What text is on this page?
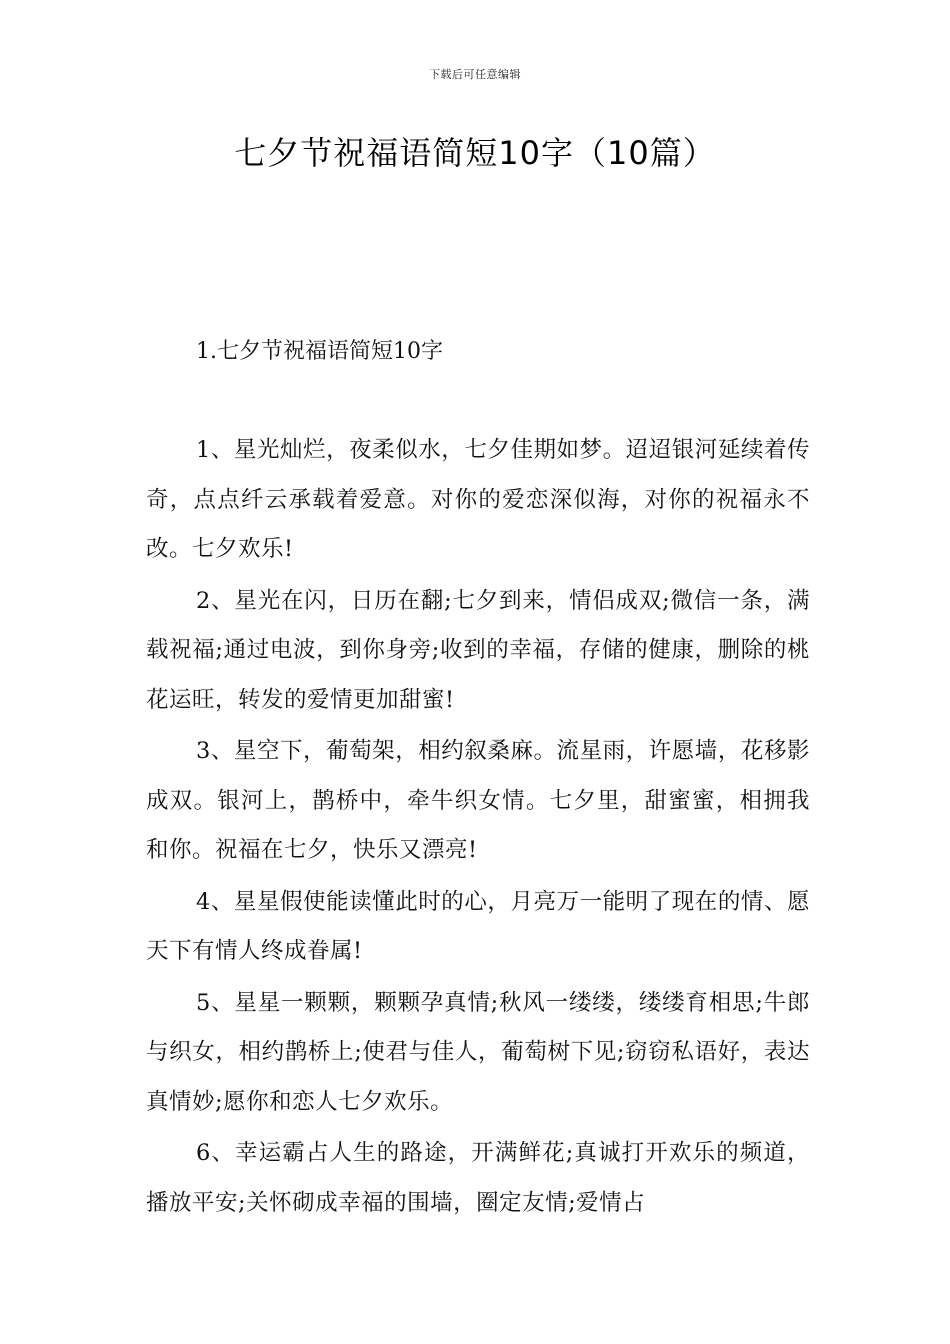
下载后可任意编辑
七夕节祝福语简短10字（10篇）
1.七夕节祝福语简短10字

1、星光灿烂，夜柔似水，七夕佳期如梦。迢迢银河延续着传奇，点点纤云承载着爱意。对你的爱恋深似海，对你的祝福永不改。七夕欢乐!

2、星光在闪，日历在翻;七夕到来，情侣成双;微信一条，满载祝福;通过电波，到你身旁;收到的幸福，存储的健康，删除的桃花运旺，转发的爱情更加甜蜜!

3、星空下，葡萄架，相约叙桑麻。流星雨，许愿墙，花移影成双。银河上，鹊桥中，牵牛织女情。七夕里，甜蜜蜜，相拥我和你。祝福在七夕，快乐又漂亮!

4、星星假使能读懂此时的心，月亮万一能明了现在的情、愿天下有情人终成眷属!

5、星星一颗颗，颗颗孕真情;秋风一缕缕，缕缕育相思;牛郎与织女，相约鹊桥上;使君与佳人，葡萄树下见;窃窃私语好，表达真情妙;愿你和恋人七夕欢乐。

6、幸运霸占人生的路途，开满鲜花;真诚打开欢乐的频道，播放平安;关怀砌成幸福的围墙，圈定友情;爱情占
